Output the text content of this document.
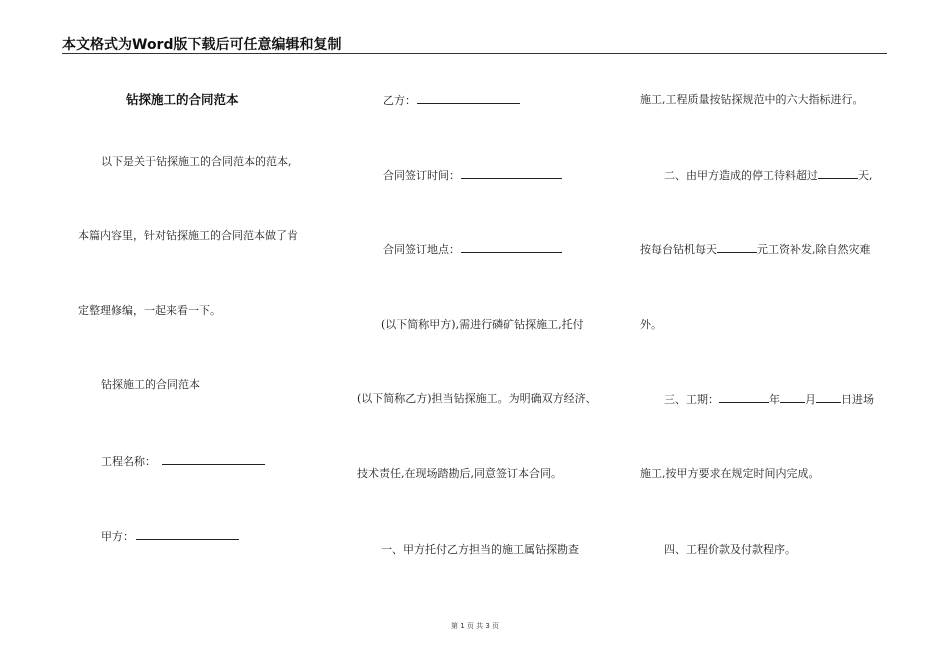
本文格式为Word版下载后可任意编辑和复制
钻探施工的合同范本
以下是关于钻探施工的合同范本的范本,
本篇内容里，针对钻探施工的合同范本做了肯
定整理修编，一起来看一下。
钻探施工的合同范本
工程名称：
甲方：
乙方：
合同签订时间：
合同签订地点：
(以下简称甲方),需进行磷矿钻探施工,托付
(以下简称乙方)担当钻探施工。为明确双方经济、
技术责任,在现场踏勘后,同意签订本合同。
一、甲方托付乙方担当的施工属钻探勘查
施工,工程质量按钻探规范中的六大指标进行。
二、由甲方造成的停工待料超过	天,
按每台钻机每天	元工资补发,除自然灾难
外。
三、工期：	年 月 日进场
施工,按甲方要求在规定时间内完成。
四、工程价款及付款程序。
第 1 页 共 3 页
